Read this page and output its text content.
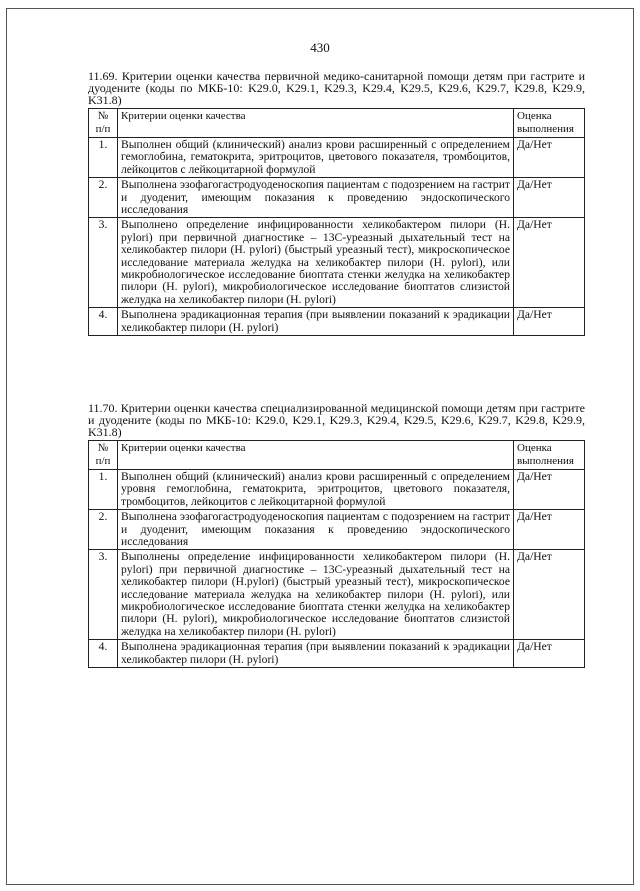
430

11.69. Критерии оценки качества первичной медико-санитарной помощи детям при гастрите и дуодените (коды по МКБ-10: K29.0, K29.1, K29.3, K29.4, K29.5, K29.6, K29.7, K29.8, K29.9, K31.8)

№ п/п	Критерии оценки качества	Оценка выполнения
1.	Выполнен общий (клинический) анализ крови расширенный с определением гемоглобина, гематокрита, эритроцитов, цветового показателя, тромбоцитов, лейкоцитов с лейкоцитарной формулой	Да/Нет
2.	Выполнена эзофагогастродуоденоскопия пациентам с подозрением на гастрит и дуоденит, имеющим показания к проведению эндоскопического исследования	Да/Нет
3.	Выполнено определение инфицированности хеликобактером пилори (H. pylori) при первичной диагностике – 13С-уреазный дыхательный тест на хеликобактер пилори (H. pylori) (быстрый уреазный тест), микроскопическое исследование материала желудка на хеликобактер пилори (H. pylori), или микробиологическое исследование биоптата стенки желудка на хеликобактер пилори (H. pylori), микробиологическое исследование биоптатов слизистой желудка на хеликобактер пилори (H. pylori)	Да/Нет
4.	Выполнена эрадикационная терапия (при выявлении показаний к эрадикации хеликобактер пилори (H. pylori)	Да/Нет

11.70. Критерии оценки качества специализированной медицинской помощи детям при гастрите и дуодените (коды по МКБ-10: K29.0, K29.1, K29.3, K29.4, K29.5, K29.6, K29.7, K29.8, K29.9, K31.8)

№ п/п	Критерии оценки качества	Оценка выполнения
1.	Выполнен общий (клинический) анализ крови расширенный с определением уровня гемоглобина, гематокрита, эритроцитов, цветового показателя, тромбоцитов, лейкоцитов с лейкоцитарной формулой	Да/Нет
2.	Выполнена эзофагогастродуоденоскопия пациентам с подозрением на гастрит и дуоденит, имеющим показания к проведению эндоскопического исследования	Да/Нет
3.	Выполнены определение инфицированности хеликобактером пилори (H. pylori) при первичной диагностике – 13С-уреазный дыхательный тест на хеликобактер пилори (H.pylori) (быстрый уреазный тест), микроскопическое исследование материала желудка на хеликобактер пилори (H. pylori), или микробиологическое исследование биоптата стенки желудка на хеликобактер пилори (H. pylori), микробиологическое исследование биоптатов слизистой желудка на хеликобактер пилори (H. pylori)	Да/Нет
4.	Выполнена эрадикационная терапия (при выявлении показаний к эрадикации хеликобактер пилори (H. pylori)	Да/Нет
